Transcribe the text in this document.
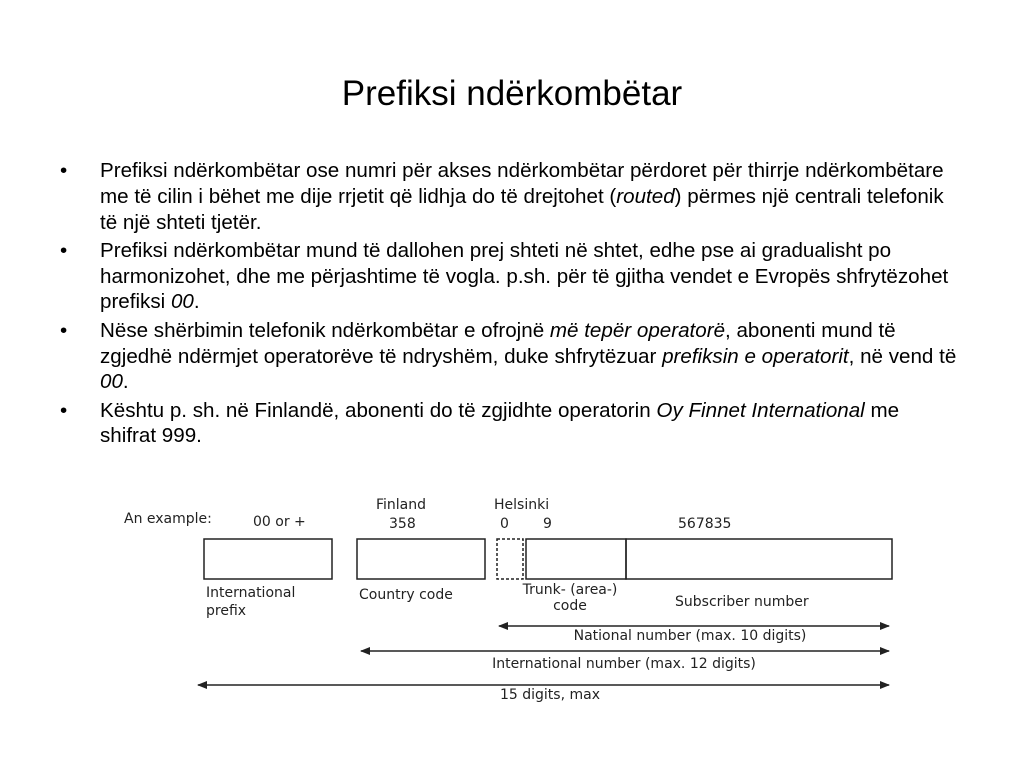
Prefiksi ndërkombëtar
• Prefiksi ndërkombëtar ose numri për akses ndërkombëtar përdoret për thirrje ndërkombëtare me të cilin i bëhet me dije rrjetit që lidhja do të drejtohet (routed) përmes një centrali telefonik të një shteti tjetër.
• Prefiksi ndërkombëtar mund të dallohen prej shteti në shtet, edhe pse ai gradualisht po harmonizohet, dhe me përjashtime të vogla. p.sh. për të gjitha vendet e Evropës shfrytëzohet prefiksi 00.
• Nëse shërbimin telefonik ndërkombëtar e ofrojnë më tepër operatorë, abonenti mund të zgjedhë ndërmjet operatorëve të ndryshëm, duke shfrytëzuar prefiksin e operatorit, në vend të 00.
• Kështu p. sh. në Finlandë, abonenti do të zgjidhte operatorin Oy Finnet International me shifrat 999.
An example:	00 or +
Finland
358
Helsinki
0 9	567835
International
prefix
Country code	Trunk- (area-)
code	Subscriber number
National number (max. 10 digits)
International number (max. 12 digits)
15 digits, max
